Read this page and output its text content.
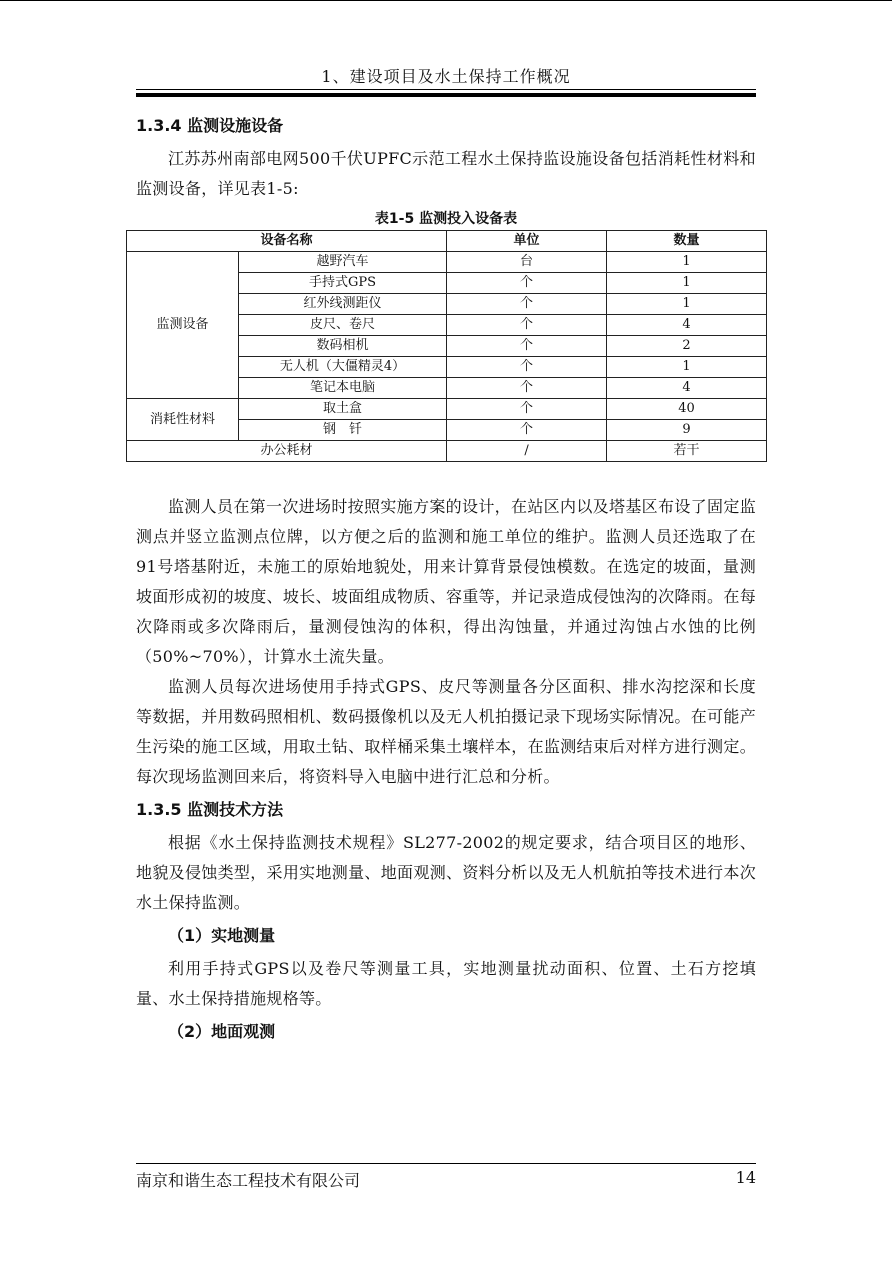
1、建设项目及水土保持工作概况
1.3.4 监测设施设备

江苏苏州南部电网500千伏UPFC示范工程水土保持监设施设备包括消耗性材料和监测设备，详见表1-5:

表1-5 监测投入设备表
设备名称		单位	数量
监测设备	越野汽车	台	1
	手持式GPS	个	1
	红外线测距仪	个	1
	皮尺、卷尺	个	4
	数码相机	个	2
	无人机（大僵精灵4）	个	1
	笔记本电脑	个	4
消耗性材料	取土盒	个	40
	钢　钎	个	9
办公耗材		/	若干

监测人员在第一次进场时按照实施方案的设计，在站区内以及塔基区布设了固定监测点并竖立监测点位牌，以方便之后的监测和施工单位的维护。监测人员还选取了在91号塔基附近，未施工的原始地貌处，用来计算背景侵蚀模数。在选定的坡面，量测坡面形成初的坡度、坡长、坡面组成物质、容重等，并记录造成侵蚀沟的次降雨。在每次降雨或多次降雨后，量测侵蚀沟的体积，得出沟蚀量，并通过沟蚀占水蚀的比例（50%~70%），计算水土流失量。

监测人员每次进场使用手持式GPS、皮尺等测量各分区面积、排水沟挖深和长度等数据，并用数码照相机、数码摄像机以及无人机拍摄记录下现场实际情况。在可能产生污染的施工区域，用取土钻、取样桶采集土壤样本，在监测结束后对样方进行测定。每次现场监测回来后，将资料导入电脑中进行汇总和分析。

1.3.5 监测技术方法

根据《水土保持监测技术规程》SL277-2002的规定要求，结合项目区的地形、地貌及侵蚀类型，采用实地测量、地面观测、资料分析以及无人机航拍等技术进行本次水土保持监测。

（1）实地测量

利用手持式GPS以及卷尺等测量工具，实地测量扰动面积、位置、土石方挖填量、水土保持措施规格等。

（2）地面观测
南京和谐生态工程技术有限公司	14
